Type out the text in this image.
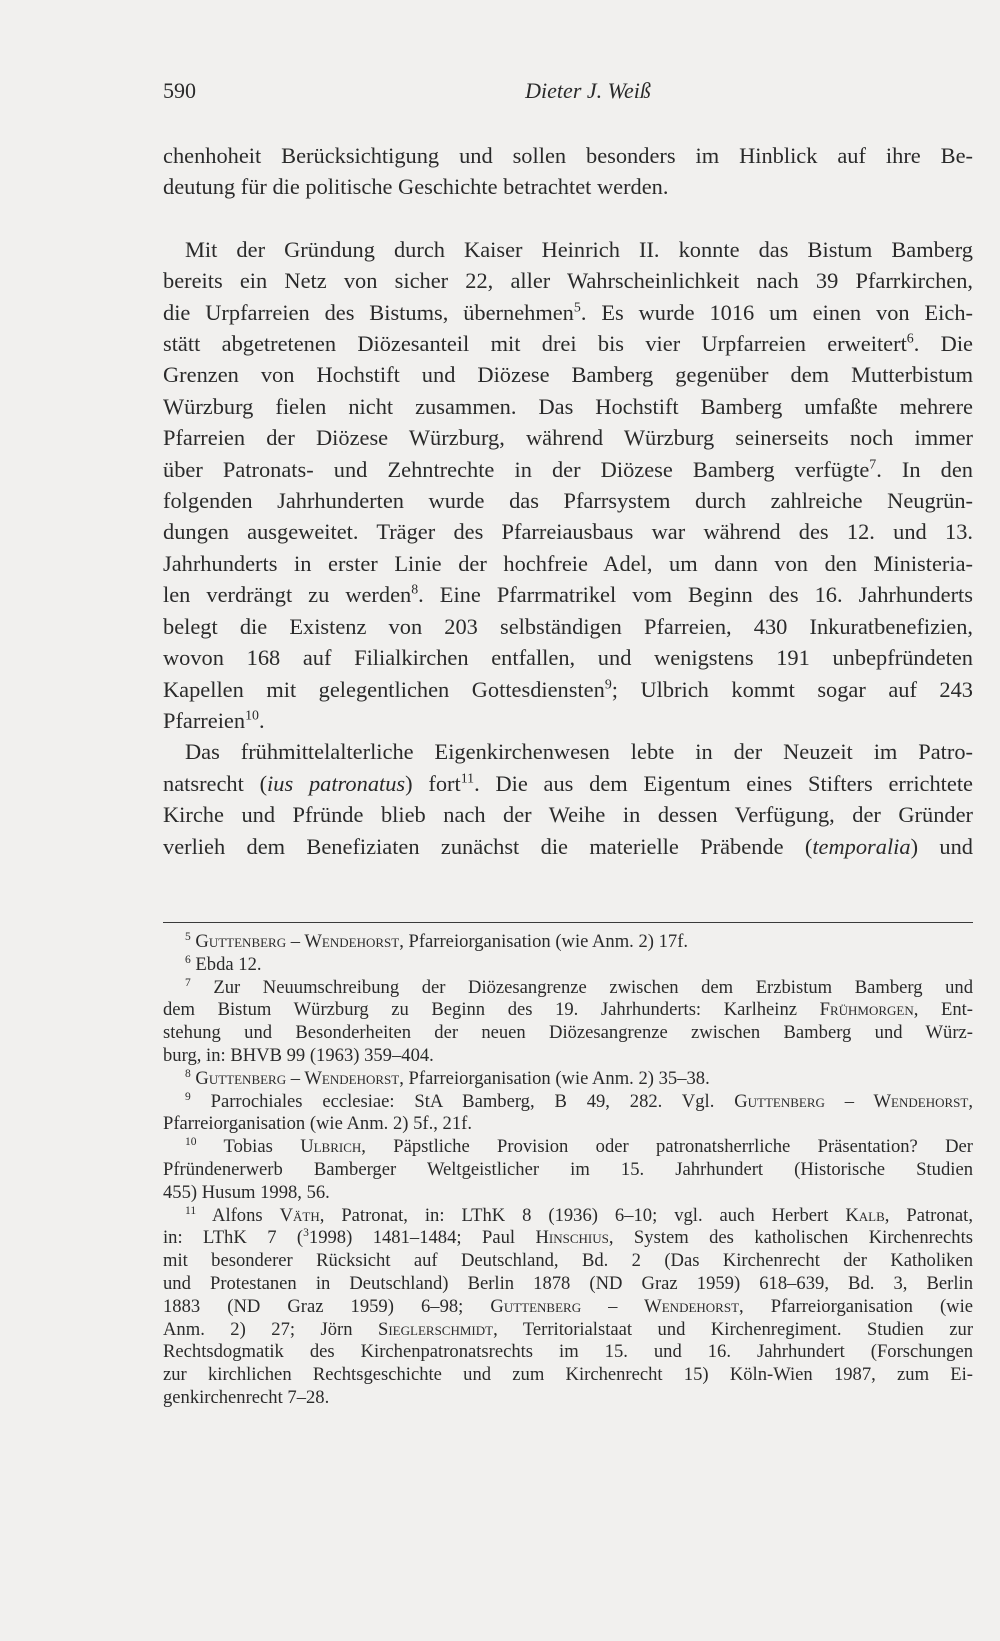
590	Dieter J. Weiß

chenhoheit Berücksichtigung und sollen besonders im Hinblick auf ihre Be-
deutung für die politische Geschichte betrachtet werden.

Mit der Gründung durch Kaiser Heinrich II. konnte das Bistum Bamberg
bereits ein Netz von sicher 22, aller Wahrscheinlichkeit nach 39 Pfarrkirchen,
die Urpfarreien des Bistums, übernehmen$^5$. Es wurde 1016 um einen von Eich-
stätt abgetretenen Diözesanteil mit drei bis vier Urpfarreien erweitert$^6$. Die
Grenzen von Hochstift und Diözese Bamberg gegenüber dem Mutterbistum
Würzburg fielen nicht zusammen. Das Hochstift Bamberg umfaßte mehrere
Pfarreien der Diözese Würzburg, während Würzburg seinerseits noch immer
über Patronats- und Zehntrechte in der Diözese Bamberg verfügte$^7$. In den
folgenden Jahrhunderten wurde das Pfarrsystem durch zahlreiche Neugrün-
dungen ausgeweitet. Träger des Pfarreiausbaus war während des 12. und 13.
Jahrhunderts in erster Linie der hochfreie Adel, um dann von den Ministeria-
len verdrängt zu werden$^8$. Eine Pfarrmatrikel vom Beginn des 16. Jahrhunderts
belegt die Existenz von 203 selbständigen Pfarreien, 430 Inkuratbenefizien,
wovon 168 auf Filialkirchen entfallen, und wenigstens 191 unbepfründeten
Kapellen mit gelegentlichen Gottesdiensten$^9$; Ulbrich kommt sogar auf 243
Pfarreien$^{10}$.

Das frühmittelalterliche Eigenkirchenwesen lebte in der Neuzeit im Patro-
natsrecht (ius patronatus) fort$^{11}$. Die aus dem Eigentum eines Stifters errichtete
Kirche und Pfründe blieb nach der Weihe in dessen Verfügung, der Gründer
verlieh dem Benefiziaten zunächst die materielle Präbende (temporalia) und

$^5$ Guttenberg – Wendehorst, Pfarreiorganisation (wie Anm. 2) 17f.
$^6$ Ebda 12.
$^7$ Zur Neuumschreibung der Diözesangrenze zwischen dem Erzbistum Bamberg und
dem Bistum Würzburg zu Beginn des 19. Jahrhunderts: Karlheinz Frühmorgen, Ent-
stehung und Besonderheiten der neuen Diözesangrenze zwischen Bamberg und Würz-
burg, in: BHVB 99 (1963) 359–404.
$^8$ Guttenberg – Wendehorst, Pfarreiorganisation (wie Anm. 2) 35–38.
$^9$ Parrochiales ecclesiae: StA Bamberg, B 49, 282. Vgl. Guttenberg – Wendehorst,
Pfarreiorganisation (wie Anm. 2) 5f., 21f.
$^{10}$ Tobias Ulbrich, Päpstliche Provision oder patronatsherrliche Präsentation? Der
Pfründenerwerb Bamberger Weltgeistlicher im 15. Jahrhundert (Historische Studien
455) Husum 1998, 56.
$^{11}$ Alfons Väth, Patronat, in: LThK 8 (1936) 6–10; vgl. auch Herbert Kalb, Patronat,
in: LThK 7 ($^3$1998) 1481–1484; Paul Hinschius, System des katholischen Kirchenrechts
mit besonderer Rücksicht auf Deutschland, Bd. 2 (Das Kirchenrecht der Katholiken
und Protestanen in Deutschland) Berlin 1878 (ND Graz 1959) 618–639, Bd. 3, Berlin
1883 (ND Graz 1959) 6–98; Guttenberg – Wendehorst, Pfarreiorganisation (wie
Anm. 2) 27; Jörn Sieglerschmidt, Territorialstaat und Kirchenregiment. Studien zur
Rechtsdogmatik des Kirchenpatronatsrechts im 15. und 16. Jahrhundert (Forschungen
zur kirchlichen Rechtsgeschichte und zum Kirchenrecht 15) Köln-Wien 1987, zum Ei-
genkirchenrecht 7–28.
